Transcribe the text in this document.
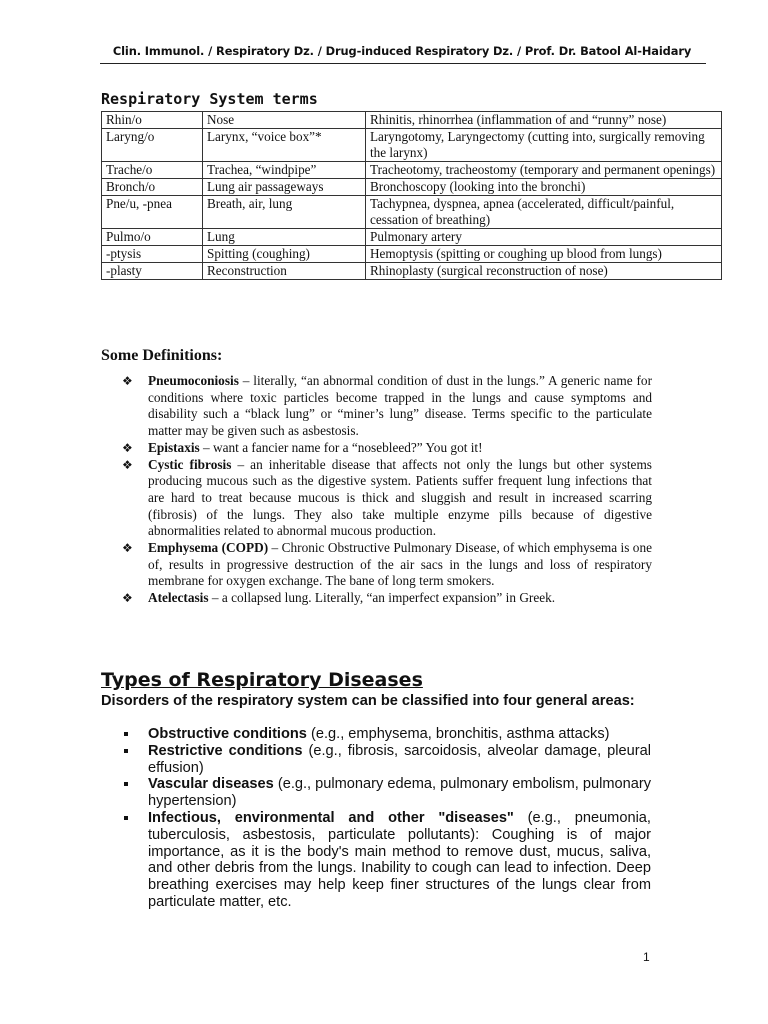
Clin. Immunol. / Respiratory Dz. / Drug-induced Respiratory Dz. / Prof. Dr. Batool Al-Haidary
Respiratory System terms
Rhin/o	Nose	Rhinitis, rhinorrhea (inflammation of and “runny” nose)
Laryng/o	Larynx, “voice box”*	Laryngotomy, Laryngectomy (cutting into, surgically removing the larynx)
Trache/o	Trachea, “windpipe”	Tracheotomy, tracheostomy (temporary and permanent openings)
Bronch/o	Lung air passageways	Bronchoscopy (looking into the bronchi)
Pne/u, -pnea	Breath, air, lung	Tachypnea, dyspnea, apnea (accelerated, difficult/painful, cessation of breathing)
Pulmo/o	Lung	Pulmonary artery
-ptysis	Spitting (coughing)	Hemoptysis (spitting or coughing up blood from lungs)
-plasty	Reconstruction	Rhinoplasty (surgical reconstruction of nose)
Some Definitions:
❖ Pneumoconiosis – literally, “an abnormal condition of dust in the lungs.” A generic name for conditions where toxic particles become trapped in the lungs and cause symptoms and disability such a “black lung” or “miner’s lung” disease. Terms specific to the particulate matter may be given such as asbestosis.
❖ Epistaxis – want a fancier name for a “nosebleed?” You got it!
❖ Cystic fibrosis – an inheritable disease that affects not only the lungs but other systems producing mucous such as the digestive system. Patients suffer frequent lung infections that are hard to treat because mucous is thick and sluggish and result in increased scarring (fibrosis) of the lungs. They also take multiple enzyme pills because of digestive abnormalities related to abnormal mucous production.
❖ Emphysema (COPD) – Chronic Obstructive Pulmonary Disease, of which emphysema is one of, results in progressive destruction of the air sacs in the lungs and loss of respiratory membrane for oxygen exchange. The bane of long term smokers.
❖ Atelectasis – a collapsed lung. Literally, “an imperfect expansion” in Greek.
Types of Respiratory Diseases
Disorders of the respiratory system can be classified into four general areas:
Obstructive conditions (e.g., emphysema, bronchitis, asthma attacks)
Restrictive conditions (e.g., fibrosis, sarcoidosis, alveolar damage, pleural effusion)
Vascular diseases (e.g., pulmonary edema, pulmonary embolism, pulmonary hypertension)
Infectious, environmental and other "diseases" (e.g., pneumonia, tuberculosis, asbestosis, particulate pollutants): Coughing is of major importance, as it is the body's main method to remove dust, mucus, saliva, and other debris from the lungs. Inability to cough can lead to infection. Deep breathing exercises may help keep finer structures of the lungs clear from particulate matter, etc.
1
